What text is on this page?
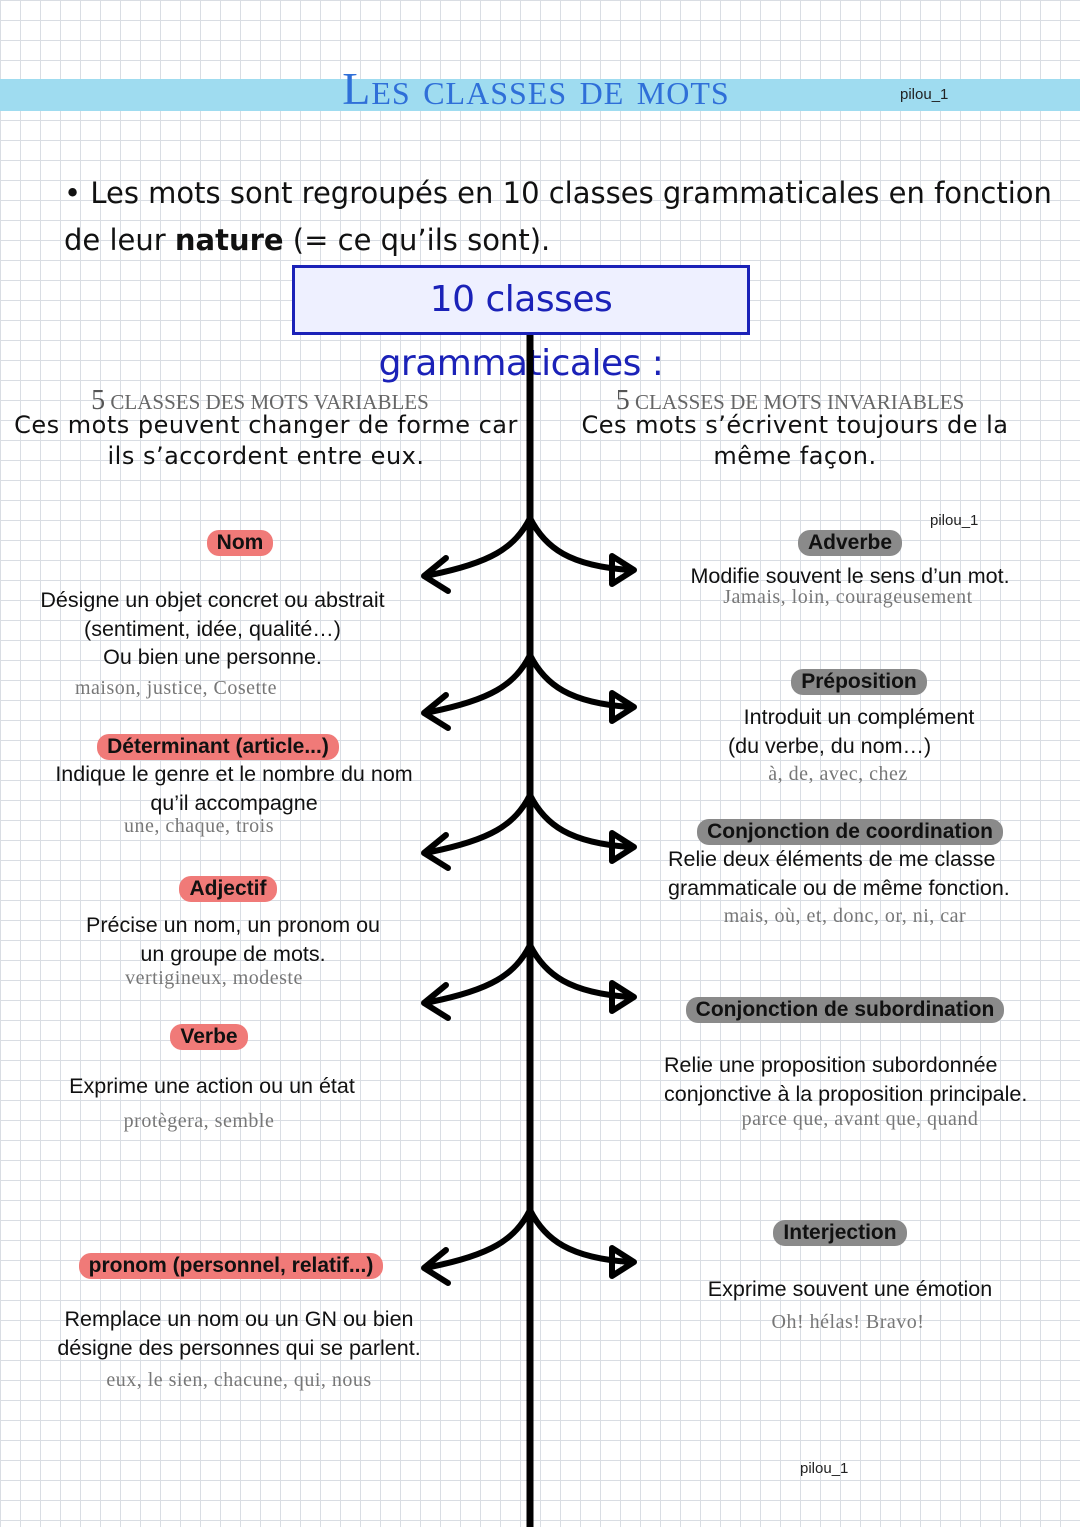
Les classes de mots	pilou_1
• Les mots sont regroupés en 10 classes grammaticales en fonction de leur nature (= ce qu’ils sont).
10 classes grammaticales :
5 CLASSES DES MOTS VARIABLES
Ces mots peuvent changer de forme car ils s’accordent entre eux.
5 CLASSES DE MOTS INVARIABLES
Ces mots s’écrivent toujours de la même façon.
pilou_1
pilou_1
Nom
Désigne un objet concret ou abstrait
(sentiment, idée, qualité…)
Ou bien une personne.
maison, justice, Cosette
Déterminant (article...)
Indique le genre et le nombre du nom
qu’il accompagne
une, chaque, trois
Adjectif
Précise un nom, un pronom ou
un groupe de mots.
vertigineux, modeste
Verbe
Exprime une action ou un état
protègera, semble
pronom (personnel, relatif...)
Remplace un nom ou un GN ou bien
désigne des personnes qui se parlent.
eux, le sien, chacune, qui, nous
Adverbe
Modifie souvent le sens d’un mot.
Jamais, loin, courageusement
Préposition
Introduit un complément
(du verbe, du nom…)
à, de, avec, chez
Conjonction de coordination
Relie deux éléments de me classe
grammaticale ou de même fonction.
mais, où, et, donc, or, ni, car
Conjonction de subordination
Relie une proposition subordonnée
conjonctive à la proposition principale.
parce que, avant que, quand
Interjection
Exprime souvent une émotion
Oh! hélas! Bravo!
